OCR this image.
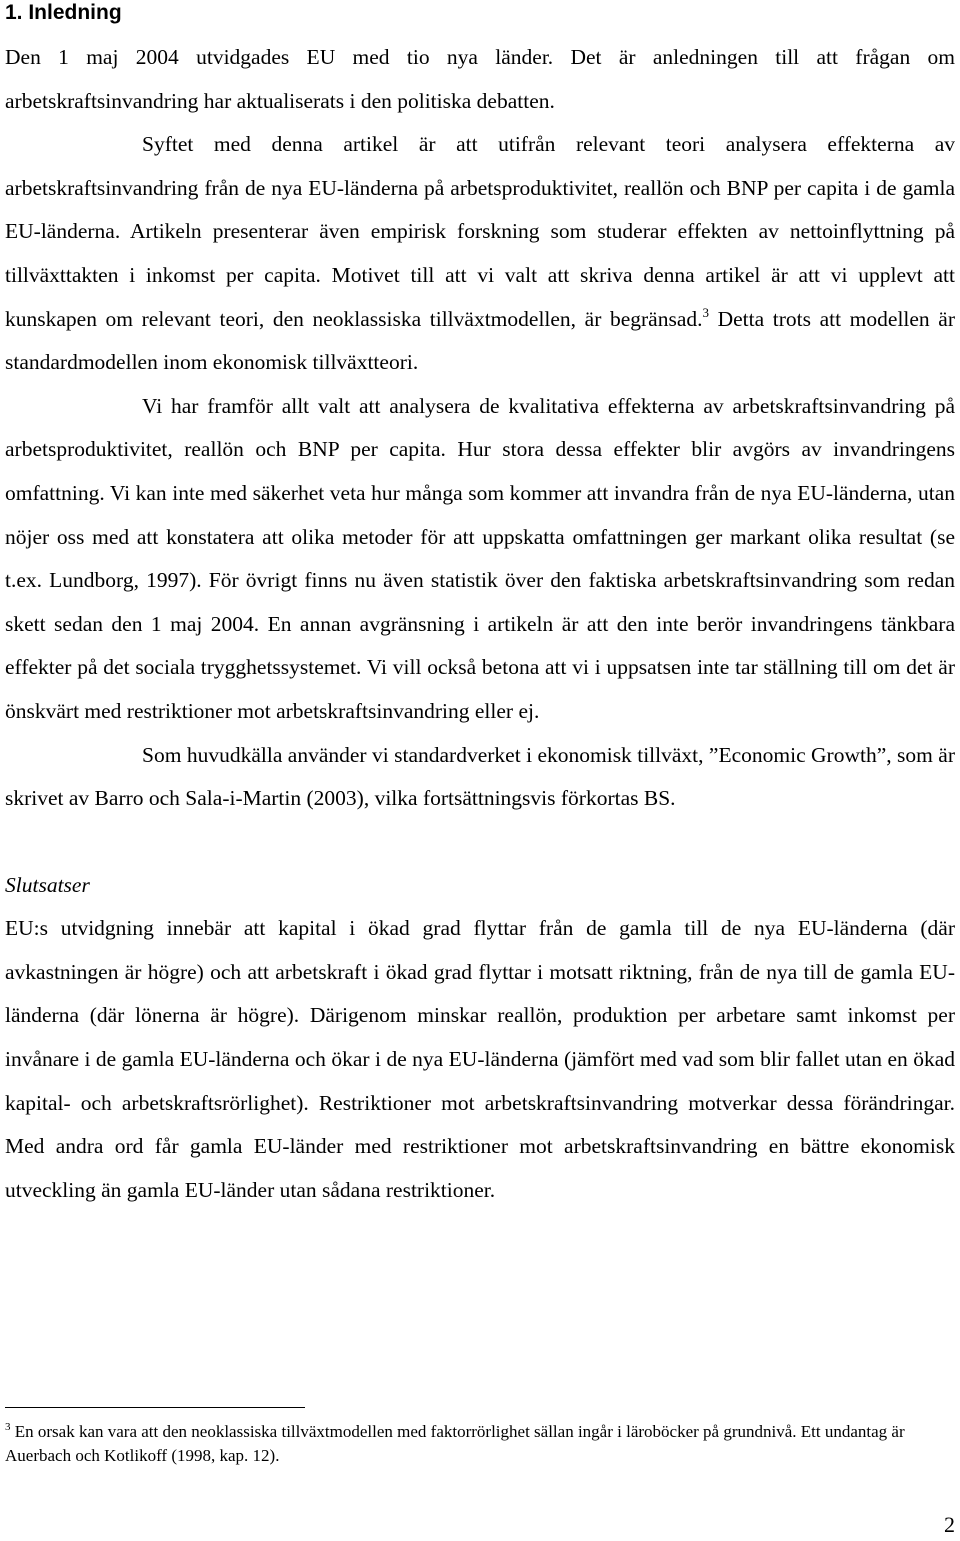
1. Inledning

Den 1 maj 2004 utvidgades EU med tio nya länder. Det är anledningen till att frågan om arbetskraftsinvandring har aktualiserats i den politiska debatten.

Syftet med denna artikel är att utifrån relevant teori analysera effekterna av arbetskraftsinvandring från de nya EU-länderna på arbetsproduktivitet, reallön och BNP per capita i de gamla EU-länderna. Artikeln presenterar även empirisk forskning som studerar effekten av nettoinflyttning på tillväxttakten i inkomst per capita. Motivet till att vi valt att skriva denna artikel är att vi upplevt att kunskapen om relevant teori, den neoklassiska tillväxtmodellen, är begränsad.$^3$ Detta trots att modellen är standardmodellen inom ekonomisk tillväxtteori.

Vi har framför allt valt att analysera de kvalitativa effekterna av arbetskraftsinvandring på arbetsproduktivitet, reallön och BNP per capita. Hur stora dessa effekter blir avgörs av invandringens omfattning. Vi kan inte med säkerhet veta hur många som kommer att invandra från de nya EU-länderna, utan nöjer oss med att konstatera att olika metoder för att uppskatta omfattningen ger markant olika resultat (se t.ex. Lundborg, 1997). För övrigt finns nu även statistik över den faktiska arbetskraftsinvandring som redan skett sedan den 1 maj 2004. En annan avgränsning i artikeln är att den inte berör invandringens tänkbara effekter på det sociala trygghetssystemet. Vi vill också betona att vi i uppsatsen inte tar ställning till om det är önskvärt med restriktioner mot arbetskraftsinvandring eller ej.

Som huvudkälla använder vi standardverket i ekonomisk tillväxt, ”Economic Growth”, som är skrivet av Barro och Sala-i-Martin (2003), vilka fortsättningsvis förkortas BS.

Slutsatser

EU:s utvidgning innebär att kapital i ökad grad flyttar från de gamla till de nya EU-länderna (där avkastningen är högre) och att arbetskraft i ökad grad flyttar i motsatt riktning, från de nya till de gamla EU-länderna (där lönerna är högre). Därigenom minskar reallön, produktion per arbetare samt inkomst per invånare i de gamla EU-länderna och ökar i de nya EU-länderna (jämfört med vad som blir fallet utan en ökad kapital- och arbetskraftsrörlighet). Restriktioner mot arbetskraftsinvandring motverkar dessa förändringar. Med andra ord får gamla EU-länder med restriktioner mot arbetskraftsinvandring en bättre ekonomisk utveckling än gamla EU-länder utan sådana restriktioner.

$^3$ En orsak kan vara att den neoklassiska tillväxtmodellen med faktorrörlighet sällan ingår i läroböcker på grundnivå. Ett undantag är Auerbach och Kotlikoff (1998, kap. 12).
2
